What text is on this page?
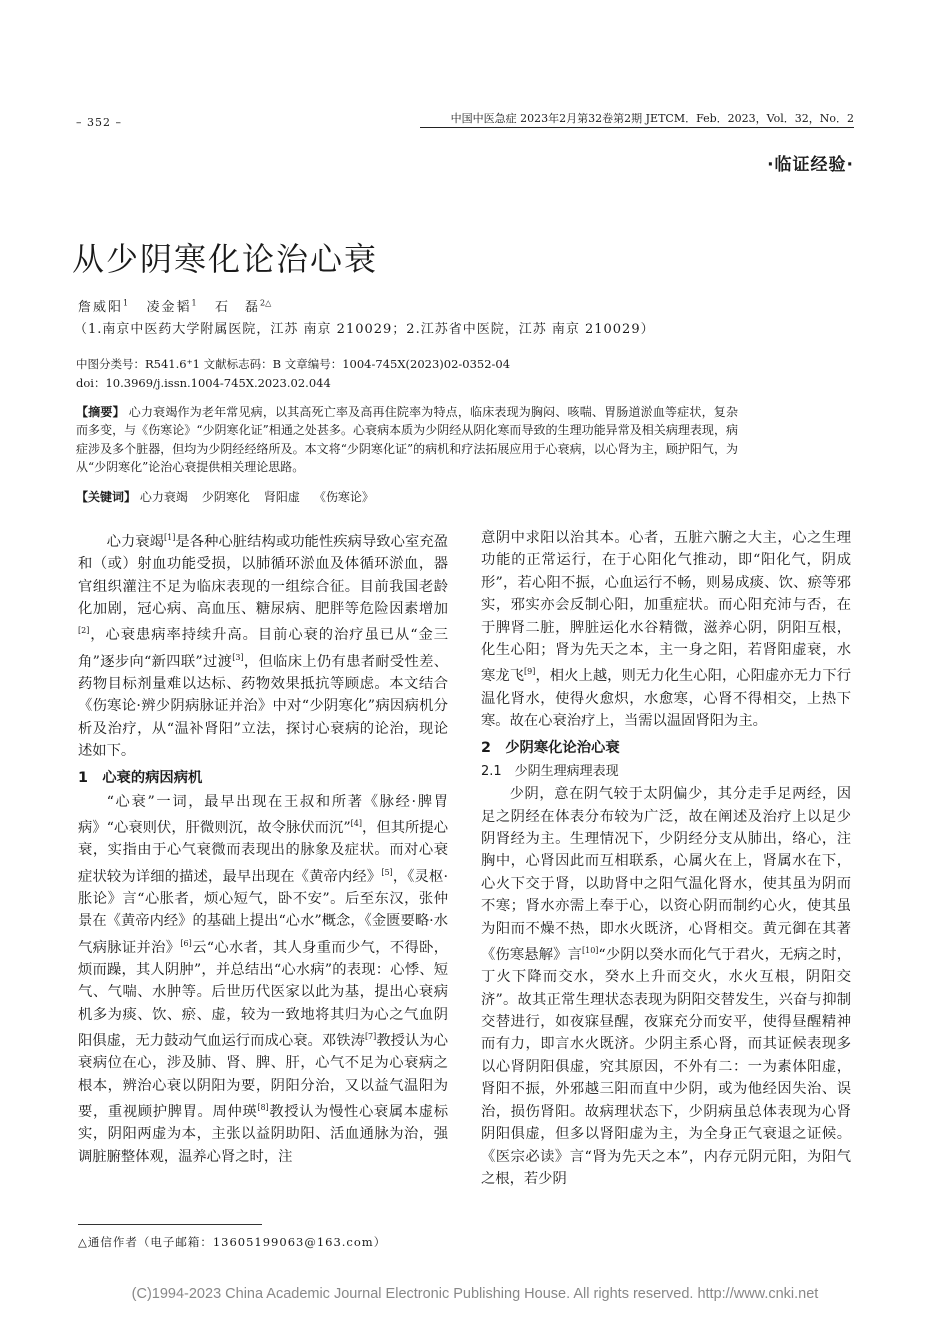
– 352 –	中国中医急症 2023年2月第32卷第2期 JETCM．Feb．2023，Vol．32，No．2
·临证经验·
从少阴寒化论治心衰
詹威阳$^1$ 凌金韬$^1$ 石　磊$^{2\triangle}$
（1.南京中医药大学附属医院，江苏 南京 210029；2.江苏省中医院，江苏 南京 210029）
中图分类号：R541.6⁺1 文献标志码：B 文章编号：1004-745X(2023)02-0352-04
doi：10.3969/j.issn.1004-745X.2023.02.044
【摘要】 心力衰竭作为老年常见病，以其高死亡率及高再住院率为特点，临床表现为胸闷、咳喘、胃肠道淤血等症状，复杂而多变，与《伤寒论》“少阴寒化证”相通之处甚多。心衰病本质为少阴经从阴化寒而导致的生理功能异常及相关病理表现，病症涉及多个脏器，但均为少阴经经络所及。本文将“少阴寒化证”的病机和疗法拓展应用于心衰病，以心肾为主，顾护阳气，为从“少阴寒化”论治心衰提供相关理论思路。
【关键词】 心力衰竭 少阴寒化 肾阳虚 《伤寒论》

心力衰竭[1]是各种心脏结构或功能性疾病导致心室充盈和（或）射血功能受损，以肺循环淤血及体循环淤血，器官组织灌注不足为临床表现的一组综合征。目前我国老龄化加剧，冠心病、高血压、糖尿病、肥胖等危险因素增加[2]，心衰患病率持续升高。目前心衰的治疗虽已从“金三角”逐步向“新四联”过渡[3]，但临床上仍有患者耐受性差、药物目标剂量难以达标、药物效果抵抗等顾虑。本文结合《伤寒论·辨少阴病脉证并治》中对“少阴寒化”病因病机分析及治疗，从“温补肾阳”立法，探讨心衰病的论治，现论述如下。

1　心衰的病因病机

“心衰”一词，最早出现在王叔和所著《脉经·脾胃病》“心衰则伏，肝微则沉，故令脉伏而沉”[4]，但其所提心衰，实指由于心气衰微而表现出的脉象及症状。而对心衰症状较为详细的描述，最早出现在《黄帝内经》[5]，《灵枢·胀论》言“心胀者，烦心短气，卧不安”。后至东汉，张仲景在《黄帝内经》的基础上提出“心水”概念，《金匮要略·水气病脉证并治》[6]云“心水者，其人身重而少气，不得卧，烦而躁，其人阴肿”，并总结出“心水病”的表现：心悸、短气、气喘、水肿等。后世历代医家以此为基，提出心衰病机多为痰、饮、瘀、虚，较为一致地将其归为心之气血阴阳俱虚，无力鼓动气血运行而成心衰。邓铁涛[7]教授认为心衰病位在心，涉及肺、肾、脾、肝，心气不足为心衰病之根本，辨治心衰以阴阳为要，阴阳分治，又以益气温阳为要，重视顾护脾胃。周仲瑛[8]教授认为慢性心衰属本虚标实，阴阳两虚为本，主张以益阴助阳、活血通脉为治，强调脏腑整体观，温养心肾之时，注

意阴中求阳以治其本。心者，五脏六腑之大主，心之生理功能的正常运行，在于心阳化气推动，即“阳化气，阴成形”，若心阳不振，心血运行不畅，则易成痰、饮、瘀等邪实，邪实亦会反制心阳，加重症状。而心阳充沛与否，在于脾肾二脏，脾脏运化水谷精微，滋养心阴，阴阳互根，化生心阳；肾为先天之本，主一身之阳，若肾阳虚衰，水寒龙飞[9]，相火上越，则无力化生心阳，心阳虚亦无力下行温化肾水，使得火愈炽，水愈寒，心肾不得相交，上热下寒。故在心衰治疗上，当需以温固肾阳为主。

2　少阴寒化论治心衰
2.1　少阴生理病理表现

少阴，意在阴气较于太阴偏少，其分走手足两经，因足之阴经在体表分布较为广泛，故在阐述及治疗上以足少阴肾经为主。生理情况下，少阴经分支从肺出，络心，注胸中，心肾因此而互相联系，心属火在上，肾属水在下，心火下交于肾，以助肾中之阳气温化肾水，使其虽为阴而不寒；肾水亦需上奉于心，以资心阴而制约心火，使其虽为阳而不燥不热，即水火既济，心肾相交。黄元御在其著《伤寒悬解》言[10]“少阴以癸水而化气于君火，无病之时，丁火下降而交水，癸水上升而交火，水火互根，阴阳交济”。故其正常生理状态表现为阴阳交替发生，兴奋与抑制交替进行，如夜寐昼醒，夜寐充分而安平，使得昼醒精神而有力，即言水火既济。少阴主系心肾，而其证候表现多以心肾阴阳俱虚，究其原因，不外有二：一为素体阳虚，肾阳不振，外邪越三阳而直中少阴，或为他经因失治、误治，损伤肾阳。故病理状态下，少阴病虽总体表现为心肾阴阳俱虚，但多以肾阳虚为主，为全身正气衰退之证候。《医宗必读》言“肾为先天之本”，内存元阴元阳，为阳气之根，若少阴

△通信作者（电子邮箱：13605199063@163.com）
(C)1994-2023 China Academic Journal Electronic Publishing House. All rights reserved. http://www.cnki.net
